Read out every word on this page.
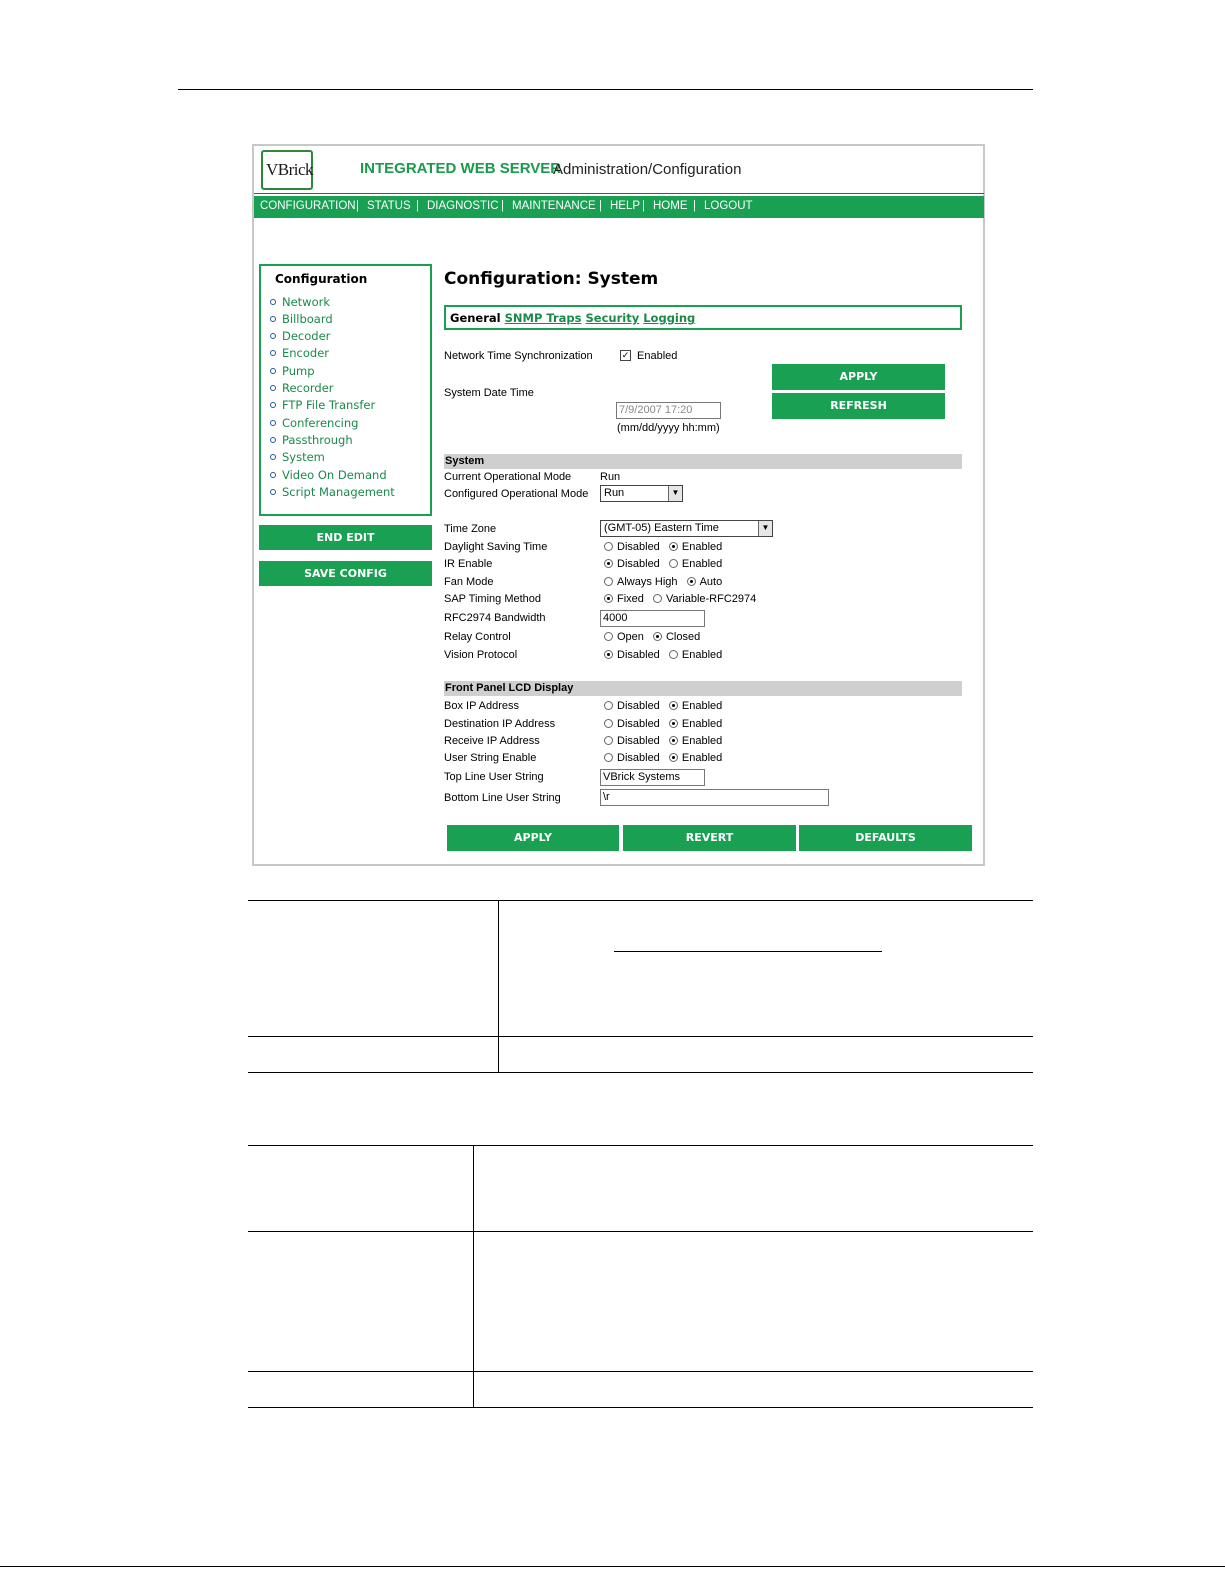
VBrick	INTEGRATED WEB SERVER
Administration/Configuration
CONFIGURATION | STATUS | DIAGNOSTIC | MAINTENANCE | HELP | HOME | LOGOUT
Configuration
Network
Billboard
Decoder
Encoder
Pump
Recorder
FTP File Transfer
Conferencing
Passthrough
System
Video On Demand
Script Management
END EDIT
SAVE CONFIG
Configuration: System
General SNMP Traps Security Logging
Network Time Synchronization	✓ Enabled
APPLY
REFRESH
System Date Time
7/9/2007 17:20
(mm/dd/yyyy hh:mm)
System
Current Operational Mode	Run
Configured Operational Mode	Run	▼
Time Zone	(GMT-05) Eastern Time	▼
Daylight Saving Time	Disabled Enabled
IR Enable	Disabled Enabled
Fan Mode	Always High Auto
SAP Timing Method	Fixed Variable-RFC2974
RFC2974 Bandwidth	4000
Relay Control	Open Closed
Vision Protocol	Disabled Enabled
Front Panel LCD Display
Box IP Address	Disabled Enabled
Destination IP Address	Disabled Enabled
Receive IP Address	Disabled Enabled
User String Enable	Disabled Enabled
Top Line User String	VBrick Systems
Bottom Line User String	\r
APPLY	REVERT	DEFAULTS
